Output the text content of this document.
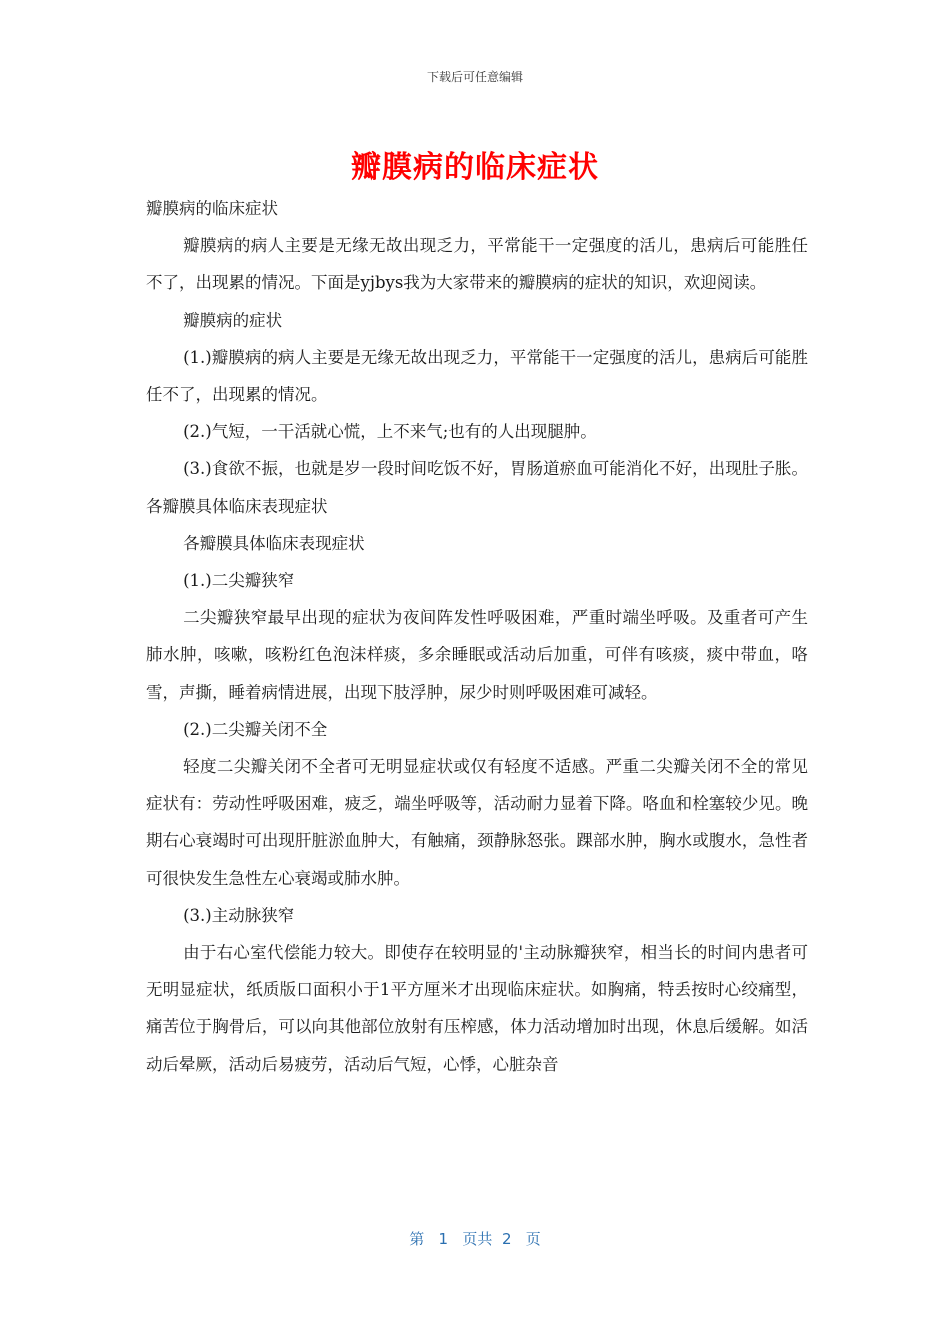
下载后可任意编辑
瓣膜病的临床症状

瓣膜病的临床症状

瓣膜病的病人主要是无缘无故出现乏力，平常能干一定强度的活儿，患病后可能胜任不了，出现累的情况。下面是yjbys我为大家带来的瓣膜病的症状的知识，欢迎阅读。

瓣膜病的症状

(1.)瓣膜病的病人主要是无缘无故出现乏力，平常能干一定强度的活儿，患病后可能胜任不了，出现累的情况。

(2.)气短，一干活就心慌，上不来气;也有的人出现腿肿。

(3.)食欲不振，也就是岁一段时间吃饭不好，胃肠道瘀血可能消化不好，出现肚子胀。各瓣膜具体临床表现症状

各瓣膜具体临床表现症状

(1.)二尖瓣狭窄

二尖瓣狭窄最早出现的症状为夜间阵发性呼吸困难，严重时端坐呼吸。及重者可产生肺水肿，咳嗽，咳粉红色泡沫样痰，多余睡眠或活动后加重，可伴有咳痰，痰中带血，咯雪，声撕，睡着病情进展，出现下肢浮肿，尿少时则呼吸困难可减轻。

(2.)二尖瓣关闭不全

轻度二尖瓣关闭不全者可无明显症状或仅有轻度不适感。严重二尖瓣关闭不全的常见症状有：劳动性呼吸困难，疲乏，端坐呼吸等，活动耐力显着下降。咯血和栓塞较少见。晚期右心衰竭时可出现肝脏淤血肿大，有触痛，颈静脉怒张。踝部水肿，胸水或腹水，急性者可很快发生急性左心衰竭或肺水肿。

(3.)主动脉狭窄

由于右心室代偿能力较大。即使存在较明显的'主动脉瓣狭窄，相当长的时间内患者可无明显症状，纸质版口面积小于1平方厘米才出现临床症状。如胸痛，特丢按时心绞痛型，痛苦位于胸骨后，可以向其他部位放射有压榨感，体力活动增加时出现，休息后缓解。如活动后晕厥，活动后易疲劳，活动后气短，心悸，心脏杂音

第 1 页共 2 页
